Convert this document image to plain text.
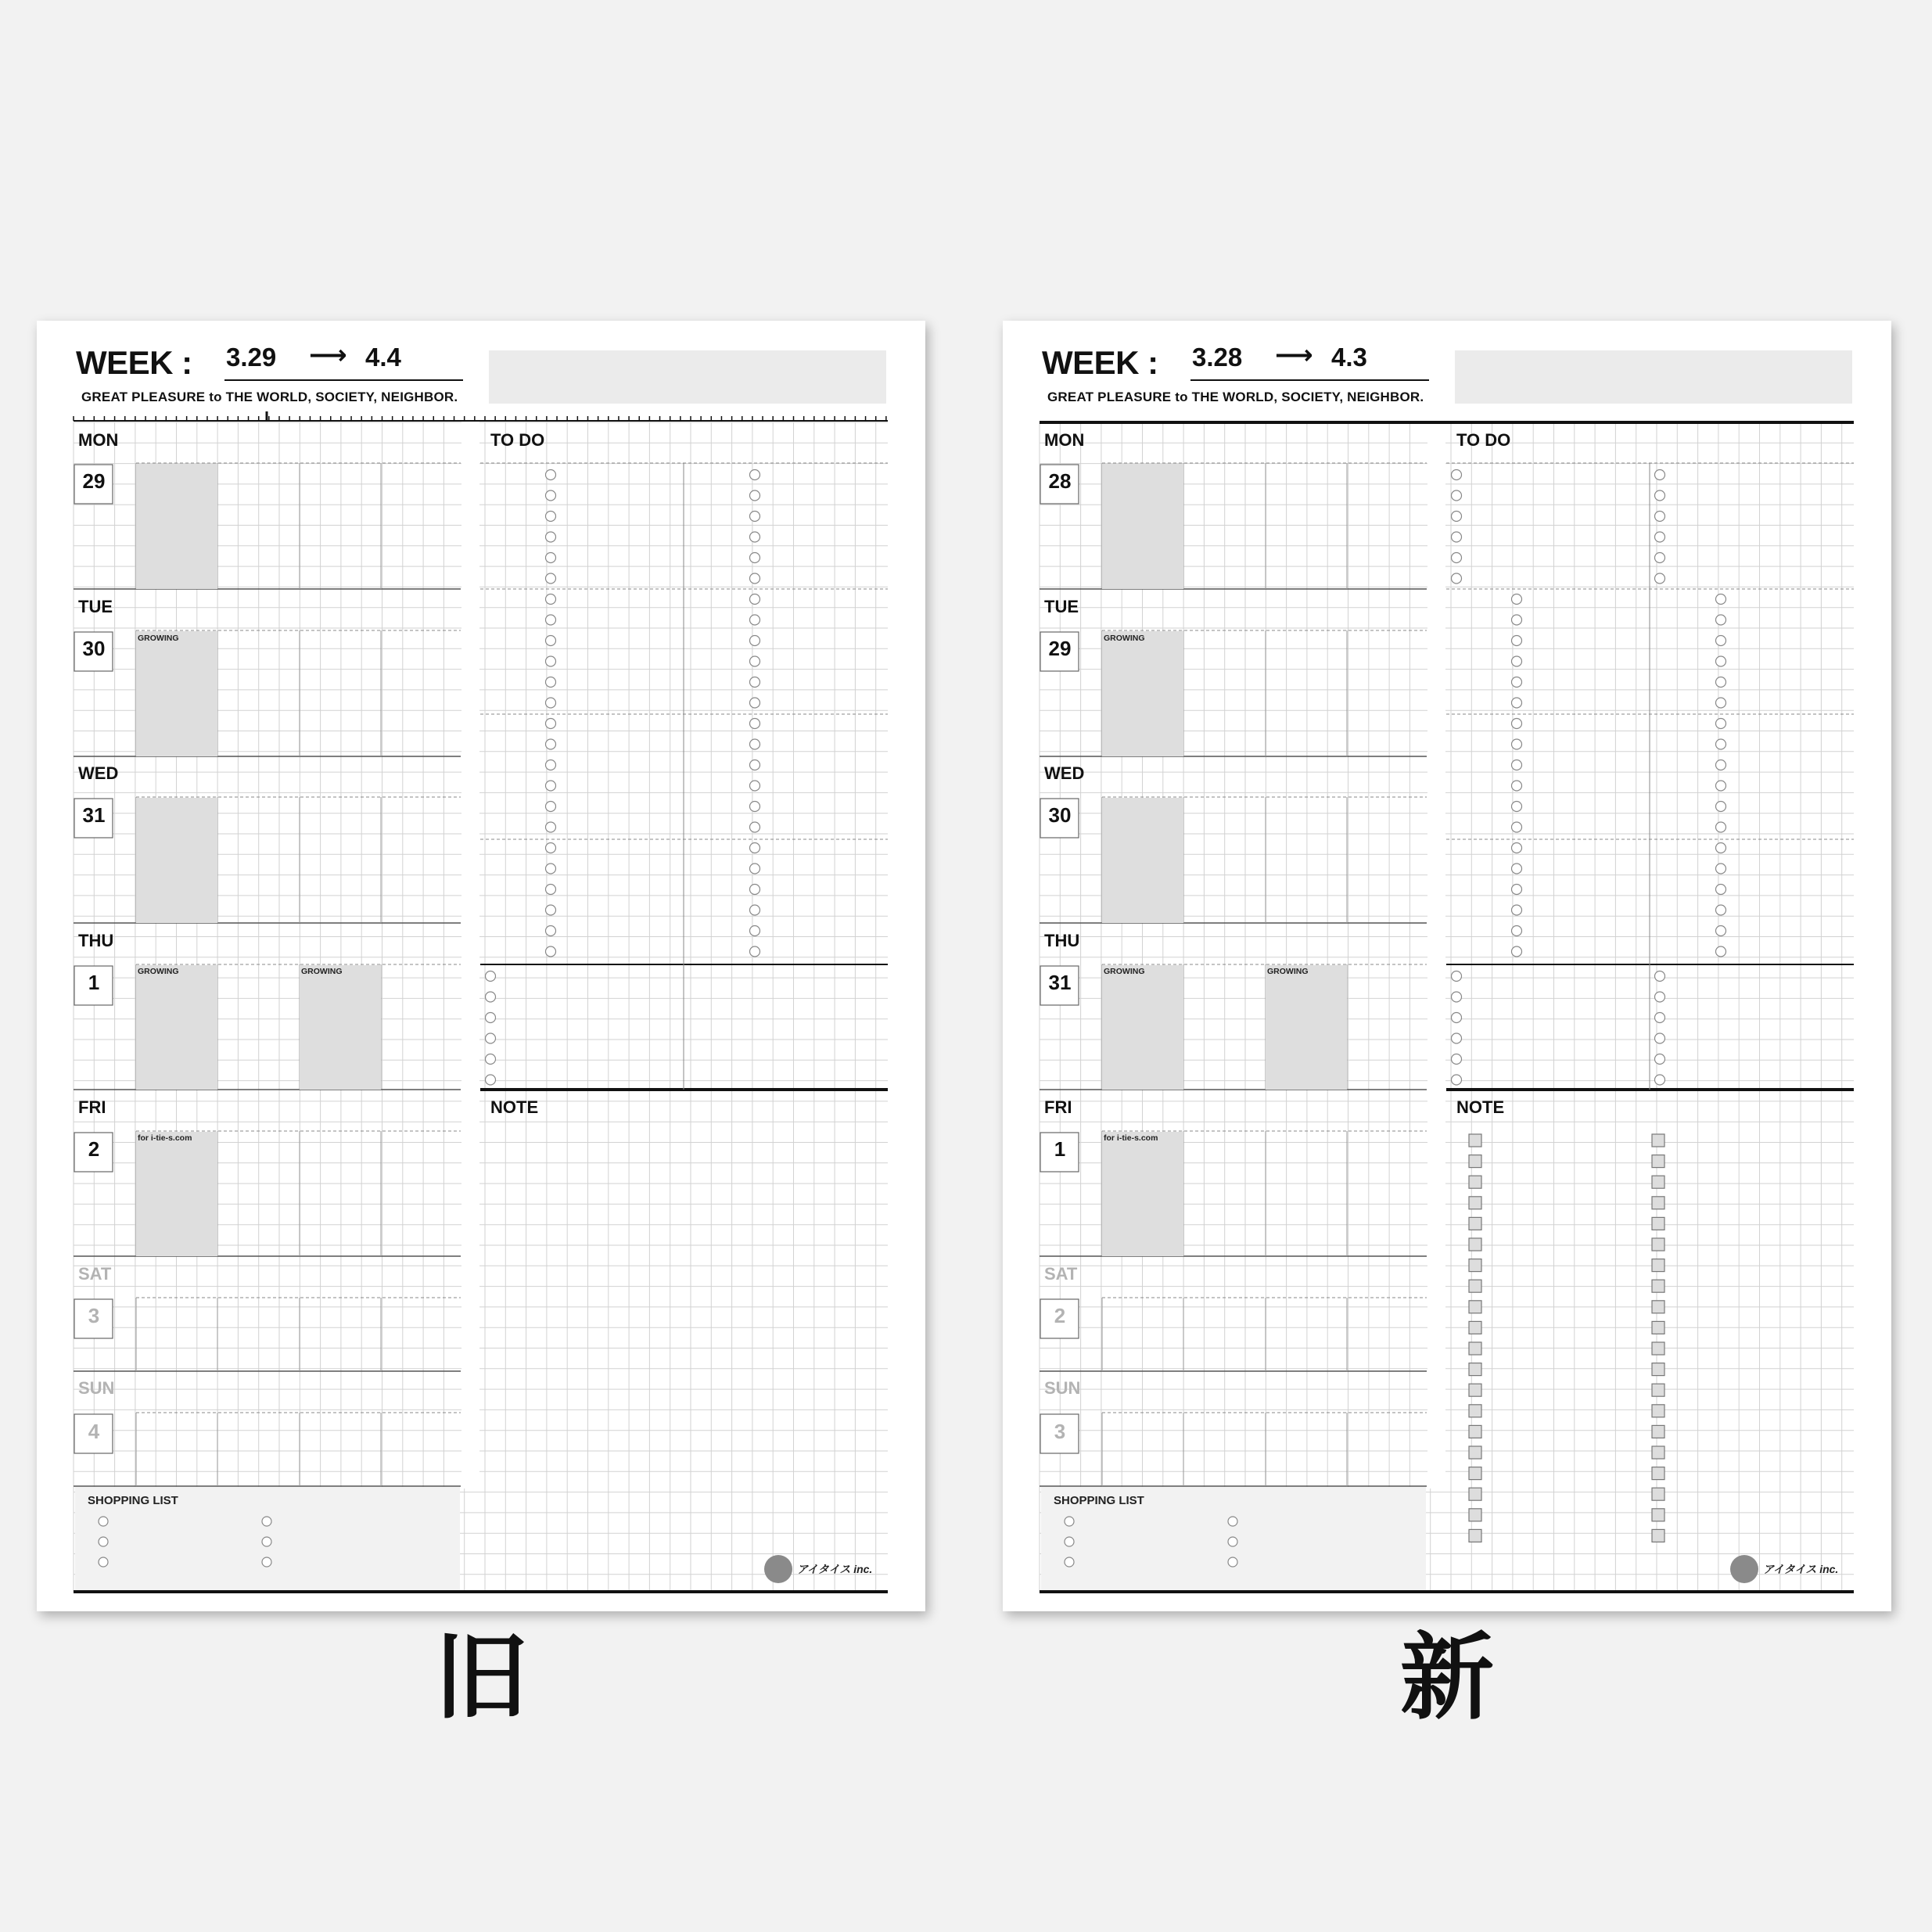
WEEK : 3.29 ⟶ 4.4
GREAT PLEASURE to THE WORLD, SOCIETY, NEIGHBOR.
MON
29
TUE
30
WED
31
THU
1
FRI
2
SAT
3
SUN
4
GROWING
GROWING	GROWING
for i-tie-s.com
TO DO
NOTE
SHOPPING LIST
アイタイス inc.
WEEK : 3.28 ⟶ 4.3
GREAT PLEASURE to THE WORLD, SOCIETY, NEIGHBOR.
MON
28
TUE
29
WED
30
THU
31
FRI
1
SAT
2
SUN
3
GROWING
GROWING	GROWING
for i-tie-s.com
TO DO
NOTE
SHOPPING LIST
アイタイス inc.
旧	新
